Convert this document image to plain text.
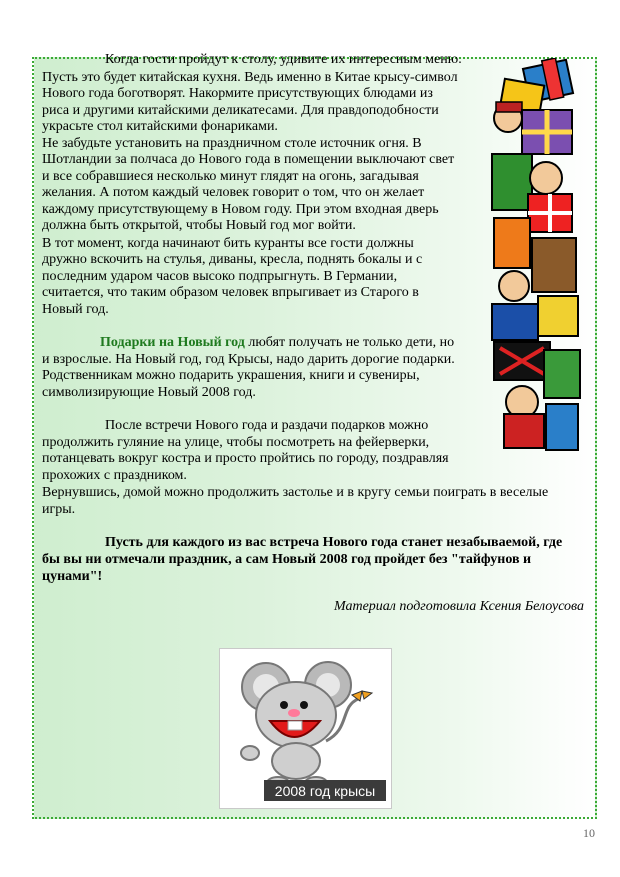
Когда гости пройдут к столу, удивите их интересным меню.
Пусть это будет китайская кухня. Ведь именно в Китае крысу-символ
Нового года боготворят. Накормите присутствующих блюдами из
риса и другими китайскими деликатесами. Для правдоподобности
украсьте стол китайскими фонариками.
Не забудьте установить на праздничном столе источник огня. В
Шотландии за полчаса до Нового года в помещении выключают свет
и все собравшиеся несколько минут глядят на огонь, загадывая
желания. А потом каждый человек говорит о том, что он желает
каждому присутствующему в Новом году. При этом входная дверь
должна быть открытой, чтобы Новый год мог войти.
В тот момент, когда начинают бить куранты все гости должны
дружно вскочить на стулья, диваны, кресла, поднять бокалы и с
последним ударом часов высоко подпрыгнуть. В Германии,
считается, что таким образом человек впрыгивает из Старого в
Новый год.
Подарки на Новый год любят получать не только дети, но
и взрослые. На Новый год, год Крысы, надо дарить дорогие подарки.
Родственникам можно подарить украшения, книги и сувениры,
символизирующие Новый 2008 год.
После встречи Нового года и раздачи подарков можно
продолжить гуляние на улице, чтобы посмотреть на фейерверки,
потанцевать вокруг костра и просто пройтись по городу, поздравляя
прохожих с праздником.
Вернувшись, домой можно продолжить застолье и в кругу семьи поиграть в веселые
игры.
Пусть для каждого из вас встреча Нового года станет незабываемой, где
бы вы ни отмечали праздник, а сам Новый 2008 год пройдет без "тайфунов и
цунами"!
Материал подготовила Ксения Белоусова
2008 год крысы
10
